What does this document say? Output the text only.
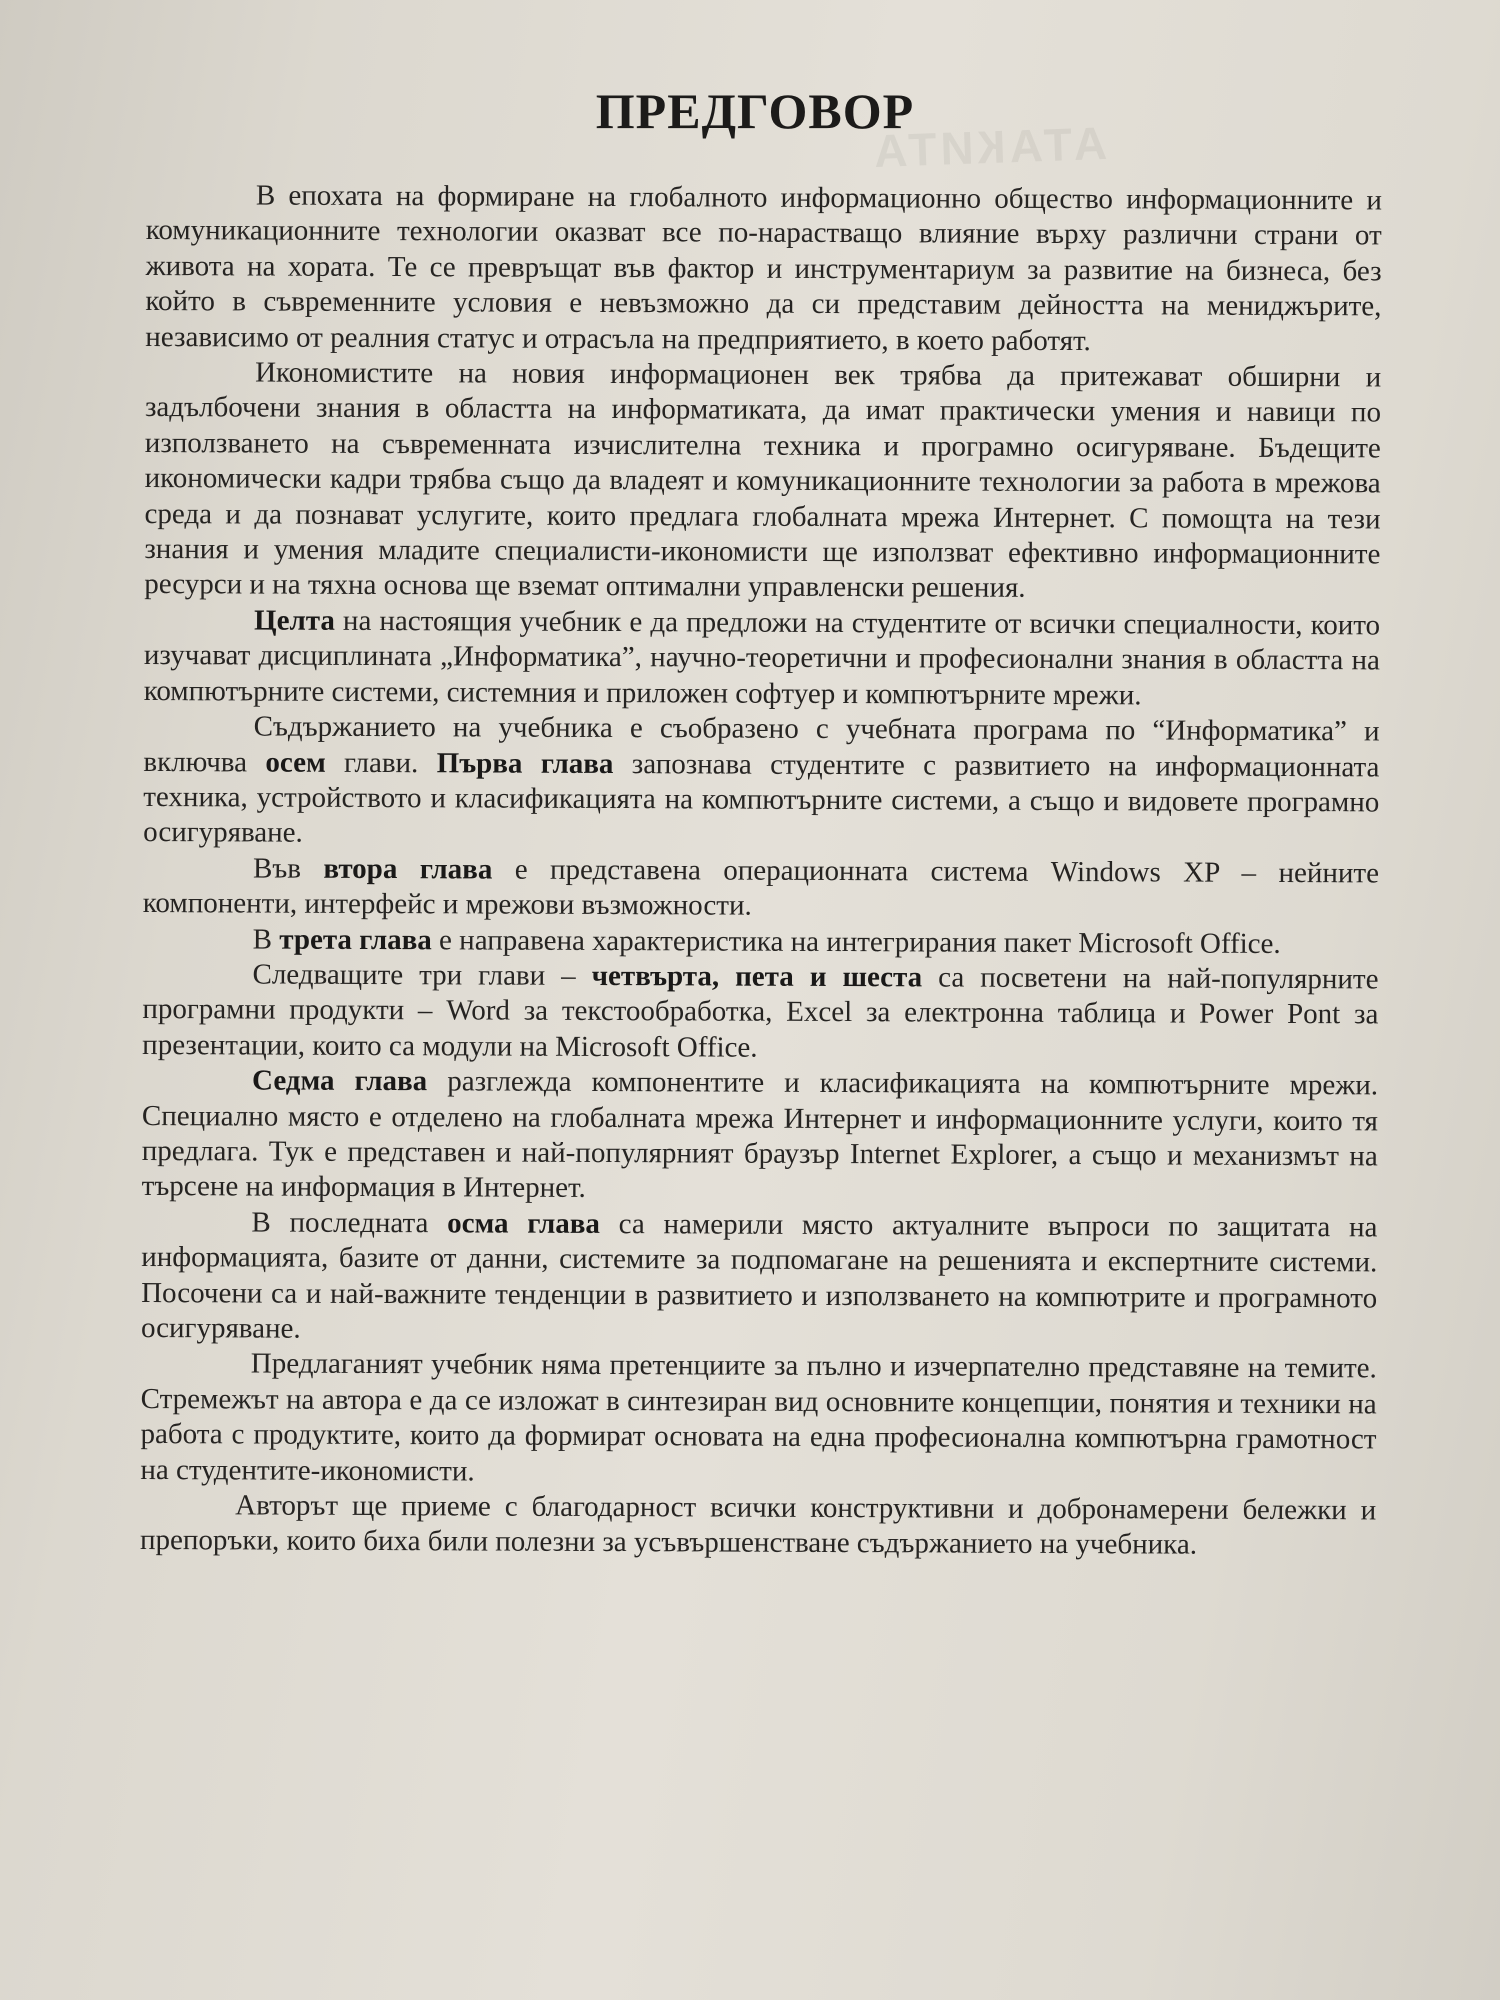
АТАКИТА
ПРЕДГОВОР

В епохата на формиране на глобалното информационно общество информационните и комуникационните технологии оказват все по-нарастващо влияние върху различни страни от живота на хората. Те се превръщат във фактор и инструментариум за развитие на бизнеса, без който в съвременните условия е невъзможно да си представим дейността на мениджърите, независимо от реалния статус и отрасъла на предприятието, в което работят.

Икономистите на новия информационен век трябва да притежават обширни и задълбочени знания в областта на информатиката, да имат практически умения и навици по използването на съвременната изчислителна техника и програмно осигуряване. Бъдещите икономически кадри трябва също да владеят и комуникационните технологии за работа в мрежова среда и да познават услугите, които предлага глобалната мрежа Интернет. С помощта на тези знания и умения младите специалисти-икономисти ще използват ефективно информационните ресурси и на тяхна основа ще вземат оптимални управленски решения.

Целта на настоящия учебник е да предложи на студентите от всички специалности, които изучават дисциплината „Информатика”, научно-теоретични и професионални знания в областта на компютърните системи, системния и приложен софтуер и компютърните мрежи.

Съдържанието на учебника е съобразено с учебната програма по “Информатика” и включва осем глави. Първа глава запознава студентите с развитието на информационната техника, устройството и класификацията на компютърните системи, а също и видовете програмно осигуряване.

Във втора глава е представена операционната система Windows XP – нейните компоненти, интерфейс и мрежови възможности.

В трета глава е направена характеристика на интегрирания пакет Microsoft Office.

Следващите три глави – четвърта, пета и шеста са посветени на най-популярните програмни продукти – Word за текстообработка, Excel за електронна таблица и Power Pont за презентации, които са модули на Microsoft Office.

Седма глава разглежда компонентите и класификацията на компютърните мрежи. Специално място е отделено на глобалната мрежа Интернет и информационните услуги, които тя предлага. Тук е представен и най-популярният браузър Internet Explorer, а също и механизмът на търсене на информация в Интернет.

В последната осма глава са намерили място актуалните въпроси по защитата на информацията, базите от данни, системите за подпомагане на решенията и експертните системи. Посочени са и най-важните тенденции в развитието и използването на компютрите и програмното осигуряване.

Предлаганият учебник няма претенциите за пълно и изчерпателно представяне на темите. Стремежът на автора е да се изложат в синтезиран вид основните концепции, понятия и техники на работа с продуктите, които да формират основата на една професионална компютърна грамотност на студентите-икономисти.

Авторът ще приеме с благодарност всички конструктивни и добронамерени бележки и препоръки, които биха били полезни за усъвършенстване съдържанието на учебника.
